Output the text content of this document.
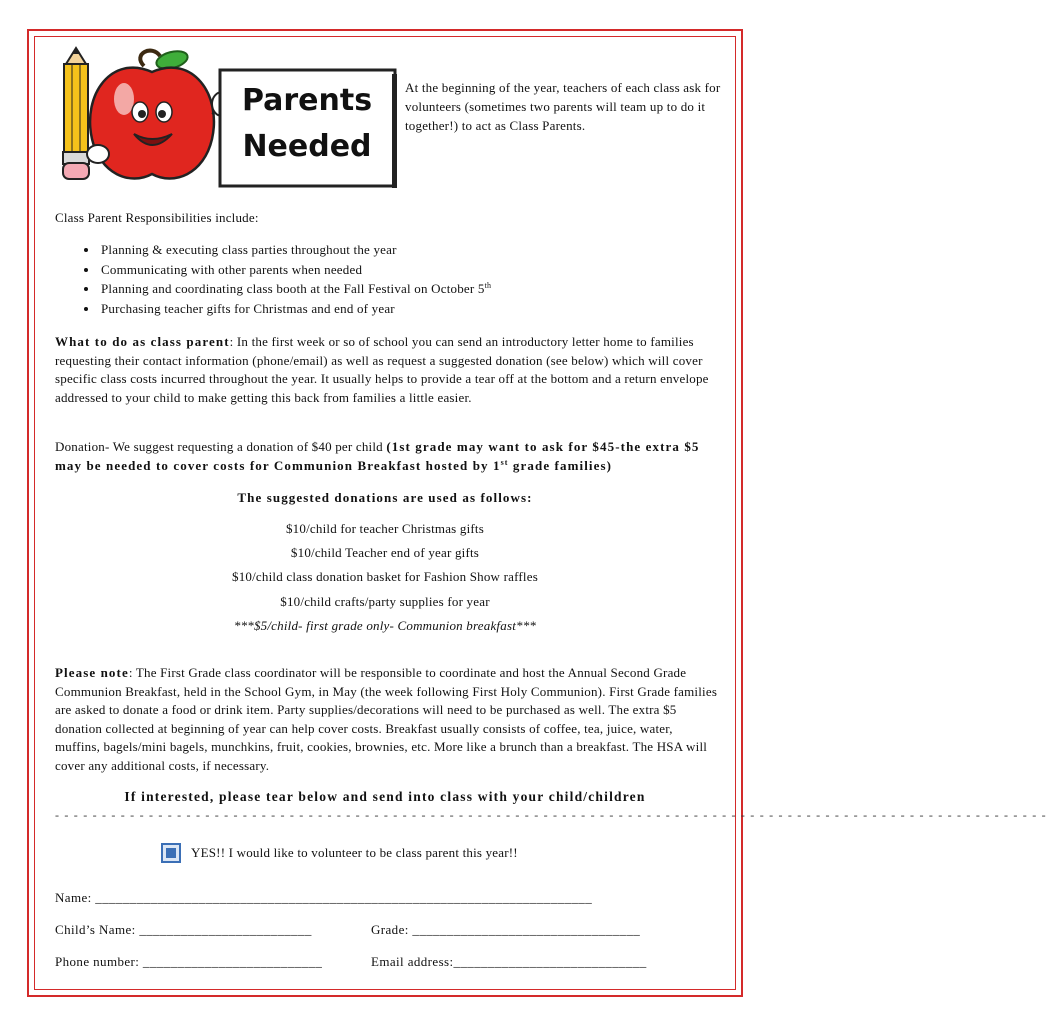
Parents
Needed
At the beginning of the year, teachers of each class ask for volunteers (sometimes two parents will team up to do it together!) to act as Class Parents.
Class Parent Responsibilities include:
• Planning & executing class parties throughout the year
• Communicating with other parents when needed
• Planning and coordinating class booth at the Fall Festival on October 5th
• Purchasing teacher gifts for Christmas and end of year
What to do as class parent: In the first week or so of school you can send an introductory letter home to families requesting their contact information (phone/email) as well as request a suggested donation (see below) which will cover specific class costs incurred throughout the year. It usually helps to provide a tear off at the bottom and a return envelope addressed to your child to make getting this back from families a little easier.
Donation- We suggest requesting a donation of $40 per child (1st grade may want to ask for $45-the extra $5 may be needed to cover costs for Communion Breakfast hosted by 1st grade families)
The suggested donations are used as follows:
$10/child for teacher Christmas gifts
$10/child Teacher end of year gifts
$10/child class donation basket for Fashion Show raffles
$10/child crafts/party supplies for year
***$5/child- first grade only- Communion breakfast***
Please note: The First Grade class coordinator will be responsible to coordinate and host the Annual Second Grade Communion Breakfast, held in the School Gym, in May (the week following First Holy Communion). First Grade families are asked to donate a food or drink item. Party supplies/decorations will need to be purchased as well. The extra $5 donation collected at beginning of year can help cover costs. Breakfast usually consists of coffee, tea, juice, water, muffins, bagels/mini bagels, munchkins, fruit, cookies, brownies, etc. More like a brunch than a breakfast. The HSA will cover any additional costs, if necessary.
If interested, please tear below and send into class with your child/children
- - - - - - - - - - - - - - - - - - - - - - - - - - - - - - - - - - - - - - - - - - - - - - - - - - - - - - - - - - - - - - - - - - - - - - - - - - - - - - - - - - - - - - - - - - - - - - - - - - - - - - - - - -
YES!! I would like to volunteer to be class parent this year!!
Name: ________________________________________________________________________
Child’s Name: _________________________	Grade: _________________________________
Phone number: __________________________	Email address:____________________________
